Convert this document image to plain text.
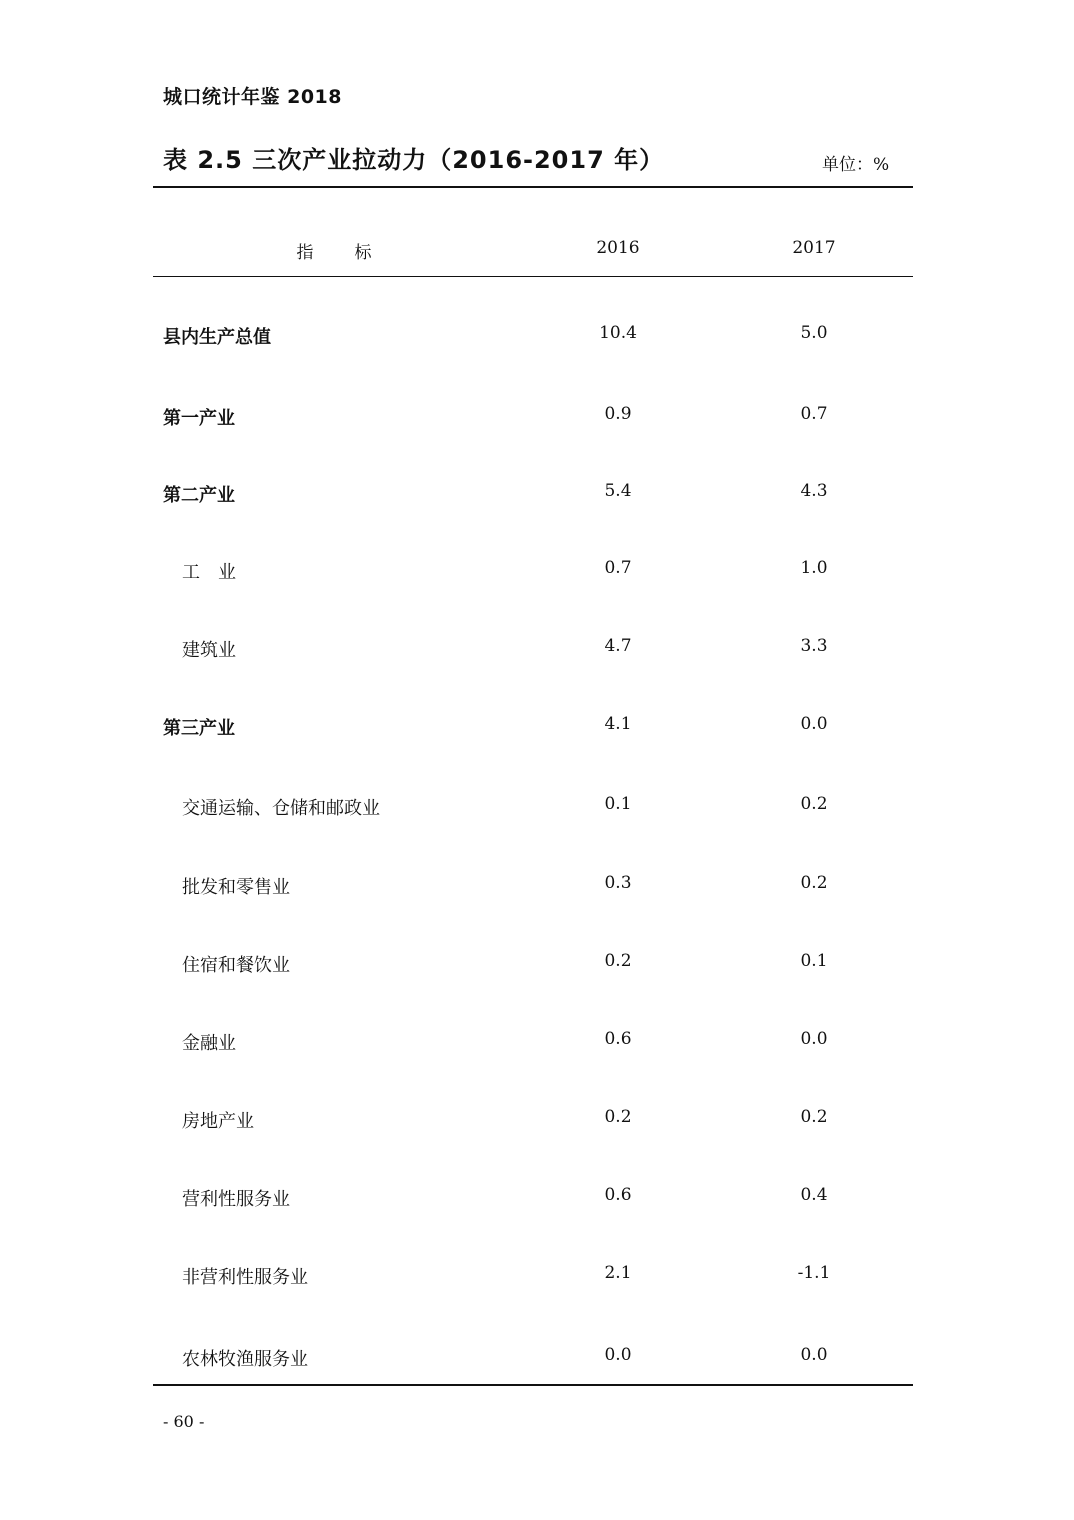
城口统计年鉴 2018
表 2.5 三次产业拉动力（2016-2017 年）	单位：%
指　标	2016	2017
县内生产总值	10.4	5.0
第一产业	0.9	0.7
第二产业	5.4	4.3
工　业	0.7	1.0
建筑业	4.7	3.3
第三产业	4.1	0.0
交通运输、仓储和邮政业	0.1	0.2
批发和零售业	0.3	0.2
住宿和餐饮业	0.2	0.1
金融业	0.6	0.0
房地产业	0.2	0.2
营利性服务业	0.6	0.4
非营利性服务业	2.1	-1.1
农林牧渔服务业	0.0	0.0
- 60 -
